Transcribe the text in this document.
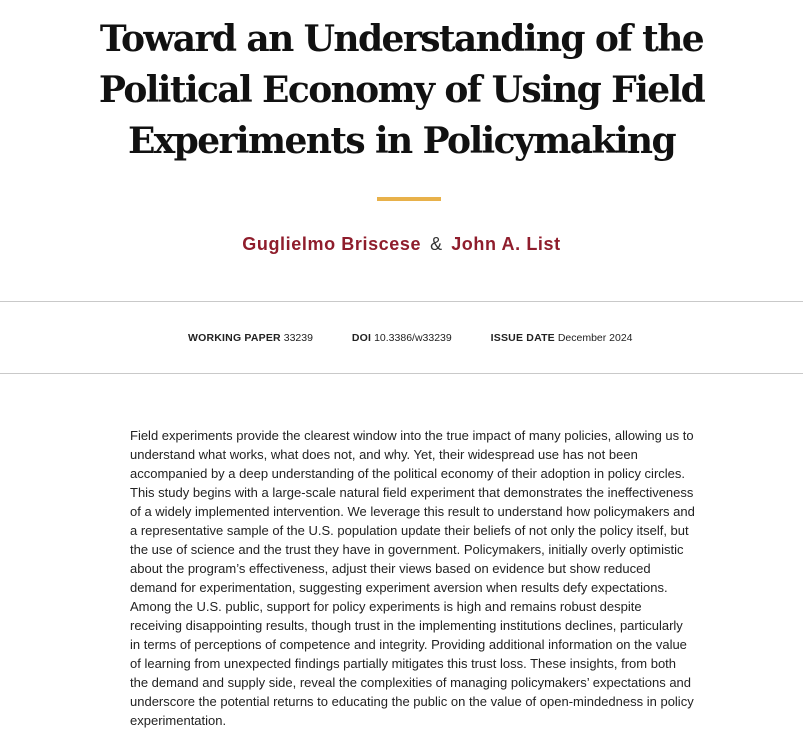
Toward an Understanding of the Political Economy of Using Field Experiments in Policymaking
Guglielmo Briscese & John A. List
WORKING PAPER 33239	DOI 10.3386/w33239	ISSUE DATE December 2024

Field experiments provide the clearest window into the true impact of many policies, allowing us to understand what works, what does not, and why. Yet, their widespread use has not been accompanied by a deep understanding of the political economy of their adoption in policy circles. This study begins with a large-scale natural field experiment that demonstrates the ineffectiveness of a widely implemented intervention. We leverage this result to understand how policymakers and a representative sample of the U.S. population update their beliefs of not only the policy itself, but the use of science and the trust they have in government. Policymakers, initially overly optimistic about the program’s effectiveness, adjust their views based on evidence but show reduced demand for experimentation, suggesting experiment aversion when results defy expectations. Among the U.S. public, support for policy experiments is high and remains robust despite receiving disappointing results, though trust in the implementing institutions declines, particularly in terms of perceptions of competence and integrity. Providing additional information on the value of learning from unexpected findings partially mitigates this trust loss. These insights, from both the demand and supply side, reveal the complexities of managing policymakers’ expectations and underscore the potential returns to educating the public on the value of open-mindedness in policy experimentation.
